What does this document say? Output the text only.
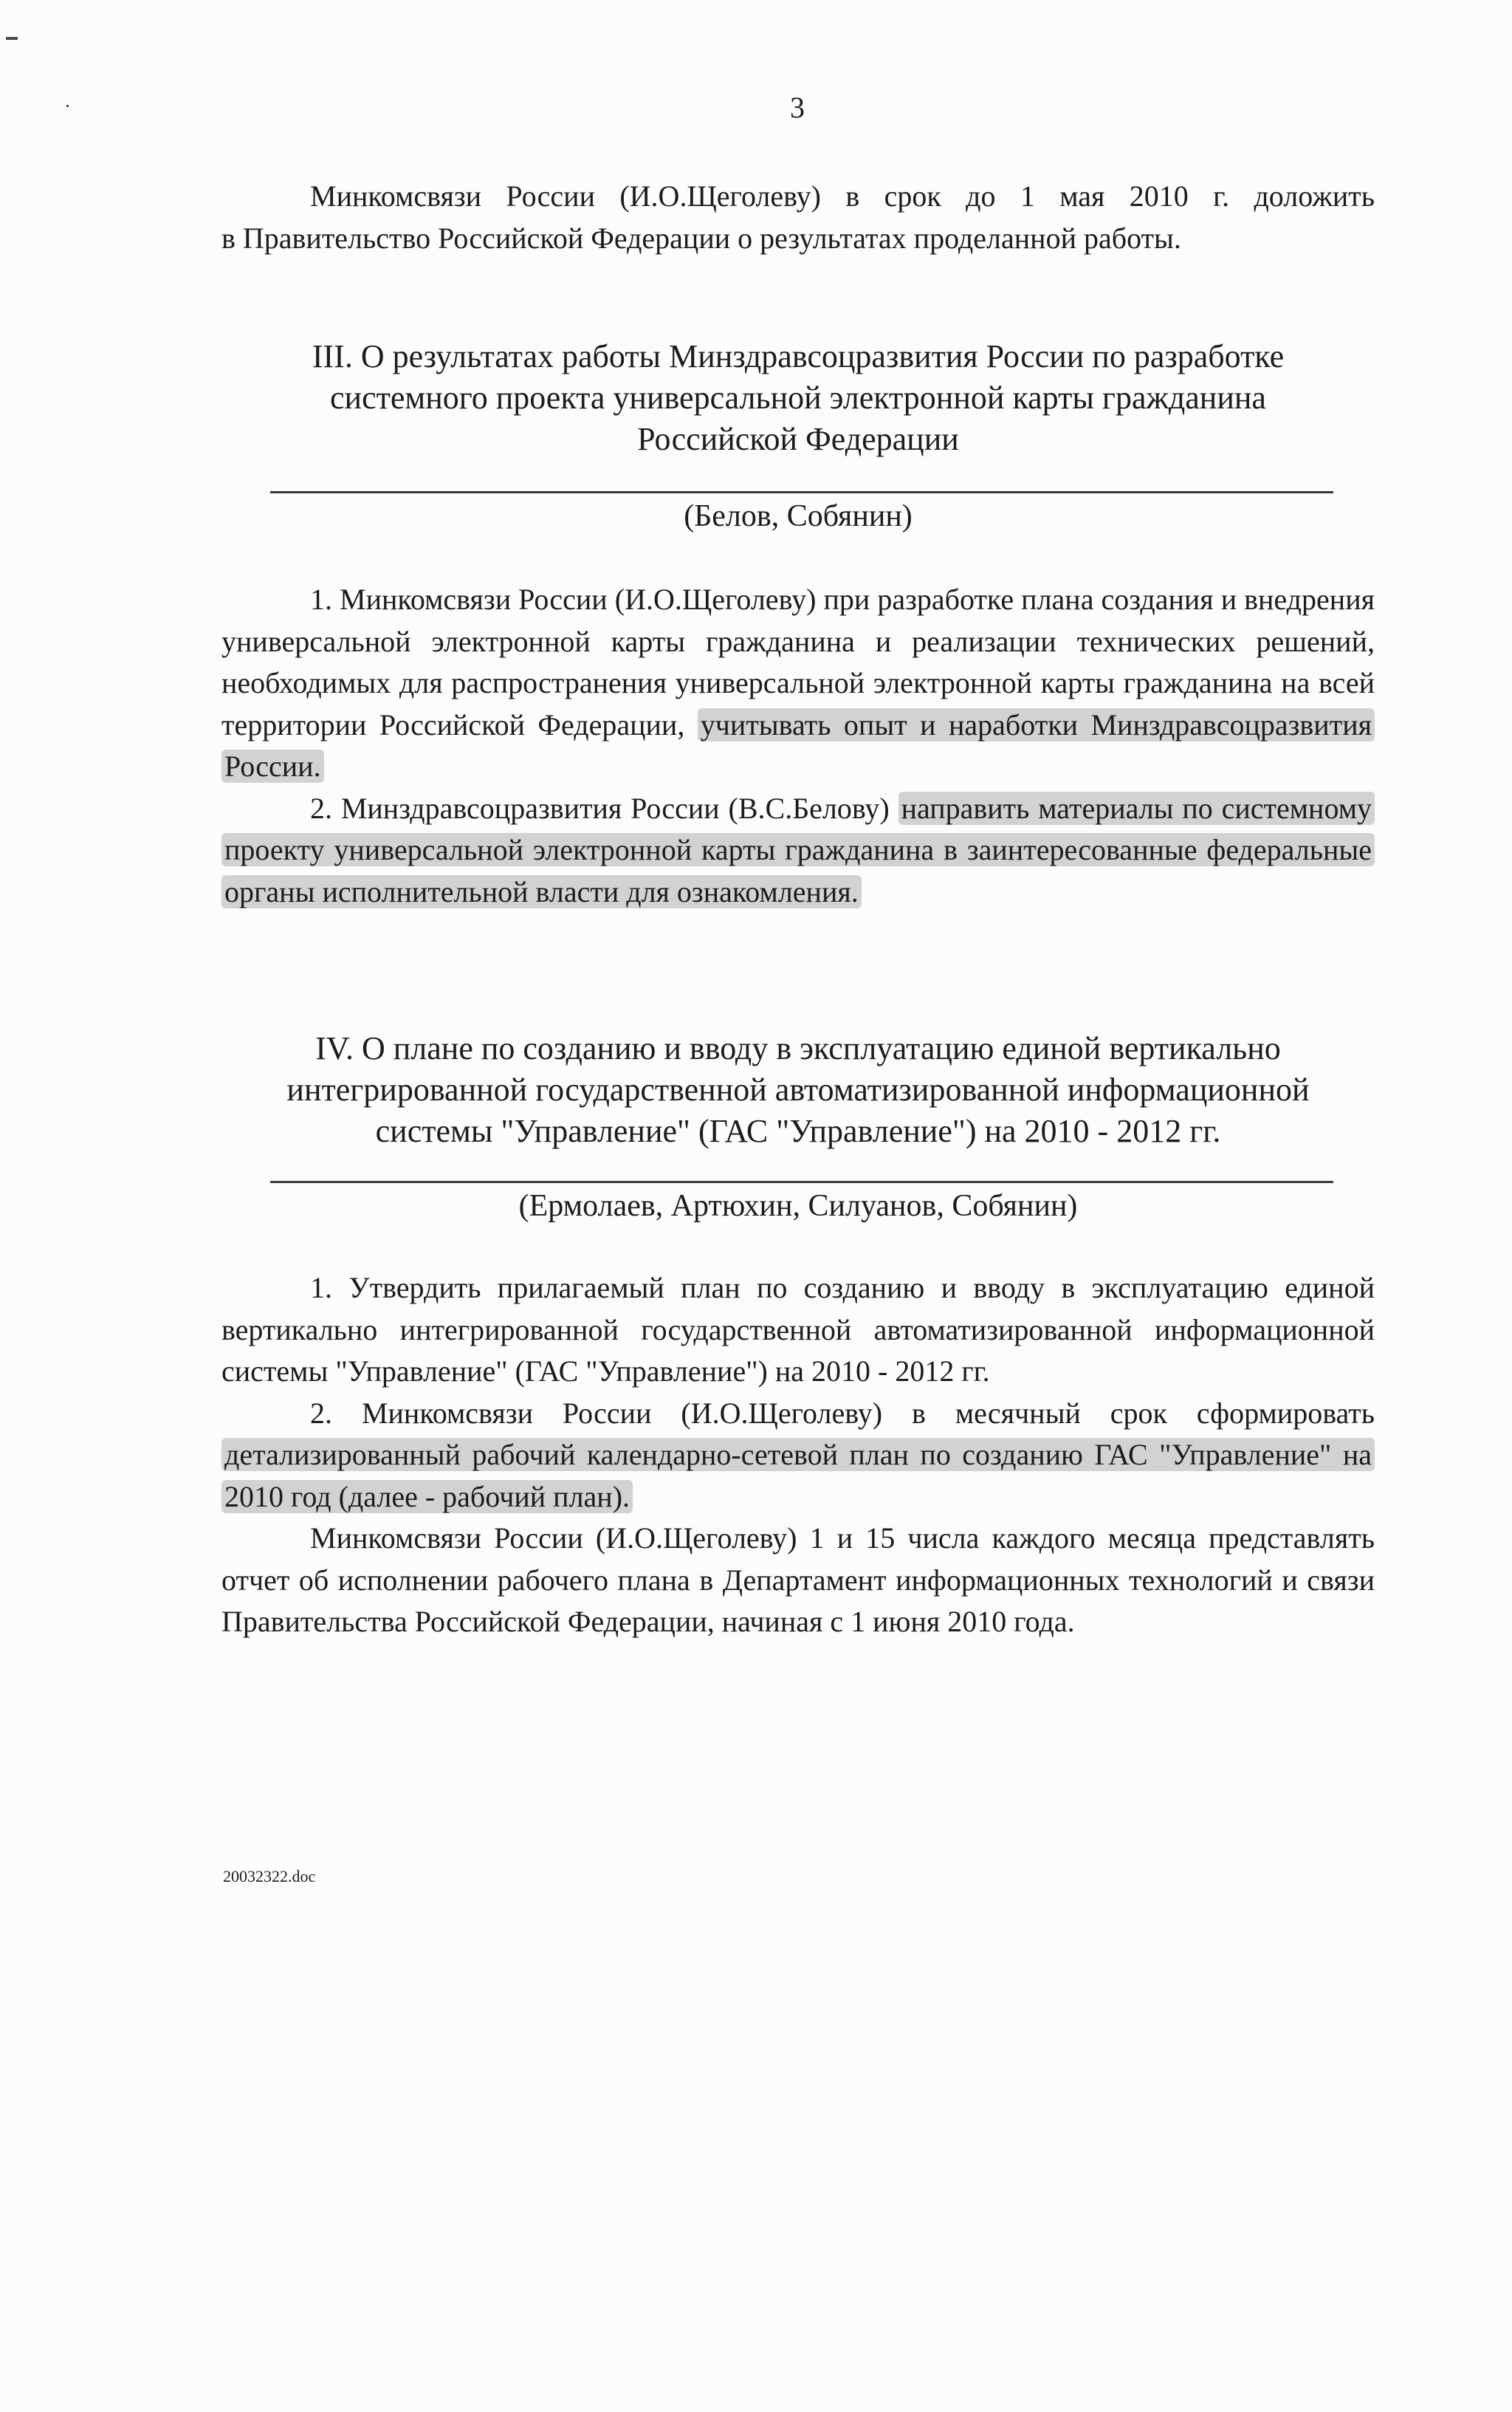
3

Минкомсвязи России (И.О.Щеголеву) в срок до 1 мая 2010 г. доложить

в Правительство Российской Федерации о результатах проделанной работы.

III. О результатах работы Минздравсоцразвития России по разработке

системного проекта универсальной электронной карты гражданина

Российской Федерации

(Белов, Собянин)

1. Минкомсвязи России (И.О.Щеголеву) при разработке плана создания и внедрения универсальной электронной карты гражданина и реализации технических решений, необходимых для распространения универсальной электронной карты гражданина на всей территории Российской Федерации, учитывать опыт и наработки Минздравсоцразвития России.

2. Минздравсоцразвития России (В.С.Белову) направить материалы по системному проекту универсальной электронной карты гражданина в заинтересованные федеральные органы исполнительной власти для ознакомления.

IV. О плане по созданию и вводу в эксплуатацию единой вертикально

интегрированной государственной автоматизированной информационной

системы "Управление" (ГАС "Управление") на 2010 - 2012 гг.

(Ермолаев, Артюхин, Силуанов, Собянин)

1. Утвердить прилагаемый план по созданию и вводу в эксплуатацию единой вертикально интегрированной государственной автоматизированной информационной системы "Управление" (ГАС "Управление") на 2010 - 2012 гг.

2. Минкомсвязи России (И.О.Щеголеву) в месячный срок сформировать детализированный рабочий календарно-сетевой план по созданию ГАС "Управление" на 2010 год (далее - рабочий план).

Минкомсвязи России (И.О.Щеголеву) 1 и 15 числа каждого месяца представлять отчет об исполнении рабочего плана в Департамент информационных технологий и связи Правительства Российской Федерации, начиная с 1 июня 2010 года.

20032322.doc
